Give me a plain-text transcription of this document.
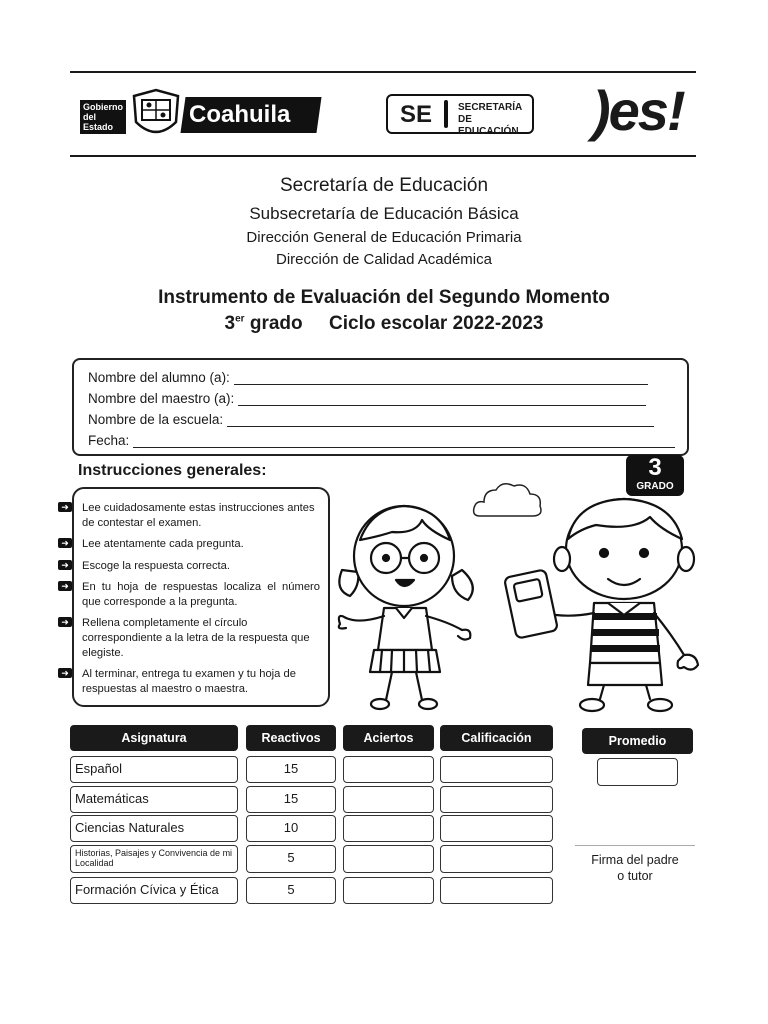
Gobierno del Estado	Coahuila	SE	SECRETARÍA DE EDUCACIÓN )es!
Secretaría de Educación
Subsecretaría de Educación Básica
Dirección General de Educación Primaria
Dirección de Calidad Académica
Instrumento de Evaluación del Segundo Momento
3er grado Ciclo escolar 2022-2023
Nombre del alumno (a):
Nombre del maestro (a):
Nombre de la escuela:
Fecha:
Instrucciones generales:
➜
➜
➜
➜
➜
➜
Lee cuidadosamente estas instrucciones antes de contestar el examen.
Lee atentamente cada pregunta.
Escoge la respuesta correcta.
En tu hoja de respuestas localiza el número que corresponde a la pregunta.
Rellena completamente el círculo correspondiente a la letra de la respuesta que elegiste.
Al terminar, entrega tu examen y tu hoja de respuestas al maestro o maestra.
3
GRADO
Asignatura	Reactivos	Aciertos	Calificación	Promedio
Español	15
Matemáticas	15
Ciencias Naturales	10
Historias, Paisajes y Convivencia de mi Localidad	5
Formación Cívica y Ética	5
Firma del padre
o tutor
